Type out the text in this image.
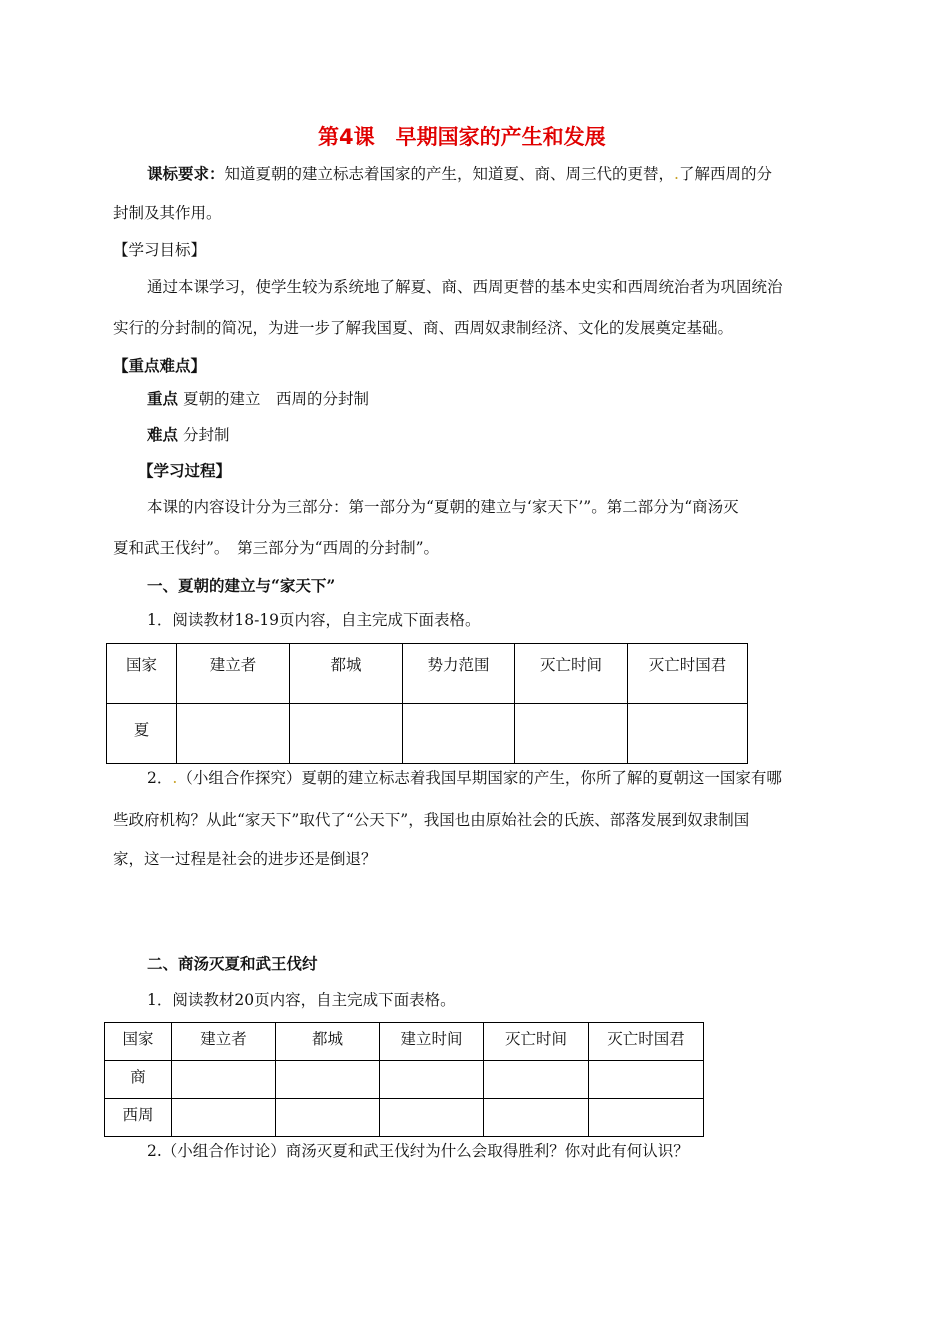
第4课　早期国家的产生和发展
课标要求：知道夏朝的建立标志着国家的产生，知道夏、商、周三代的更替，.了解西周的分
封制及其作用。
【学习目标】
通过本课学习，使学生较为系统地了解夏、商、西周更替的基本史实和西周统治者为巩固统治
实行的分封制的简况，为进一步了解我国夏、商、西周奴隶制经济、文化的发展奠定基础。
【重点难点】
重点 夏朝的建立　西周的分封制
难点 分封制
【学习过程】
本课的内容设计分为三部分：第一部分为“夏朝的建立与‘家天下’”。第二部分为“商汤灭
夏和武王伐纣”。　第三部分为“西周的分封制”。
一、夏朝的建立与“家天下”
1．阅读教材18-19页内容，自主完成下面表格。
国家	建立者	都城	势力范围	灭亡时间	灭亡时国君
夏					
2．.（小组合作探究）夏朝的建立标志着我国早期国家的产生，你所了解的夏朝这一国家有哪
些政府机构？从此“家天下”取代了“公天下”，我国也由原始社会的氏族、部落发展到奴隶制国
家，这一过程是社会的进步还是倒退？
二、商汤灭夏和武王伐纣
1．阅读教材20页内容，自主完成下面表格。
国家	建立者	都城	建立时间	灭亡时间	灭亡时国君
商					
西周					
2.（小组合作讨论）商汤灭夏和武王伐纣为什么会取得胜利？你对此有何认识？
